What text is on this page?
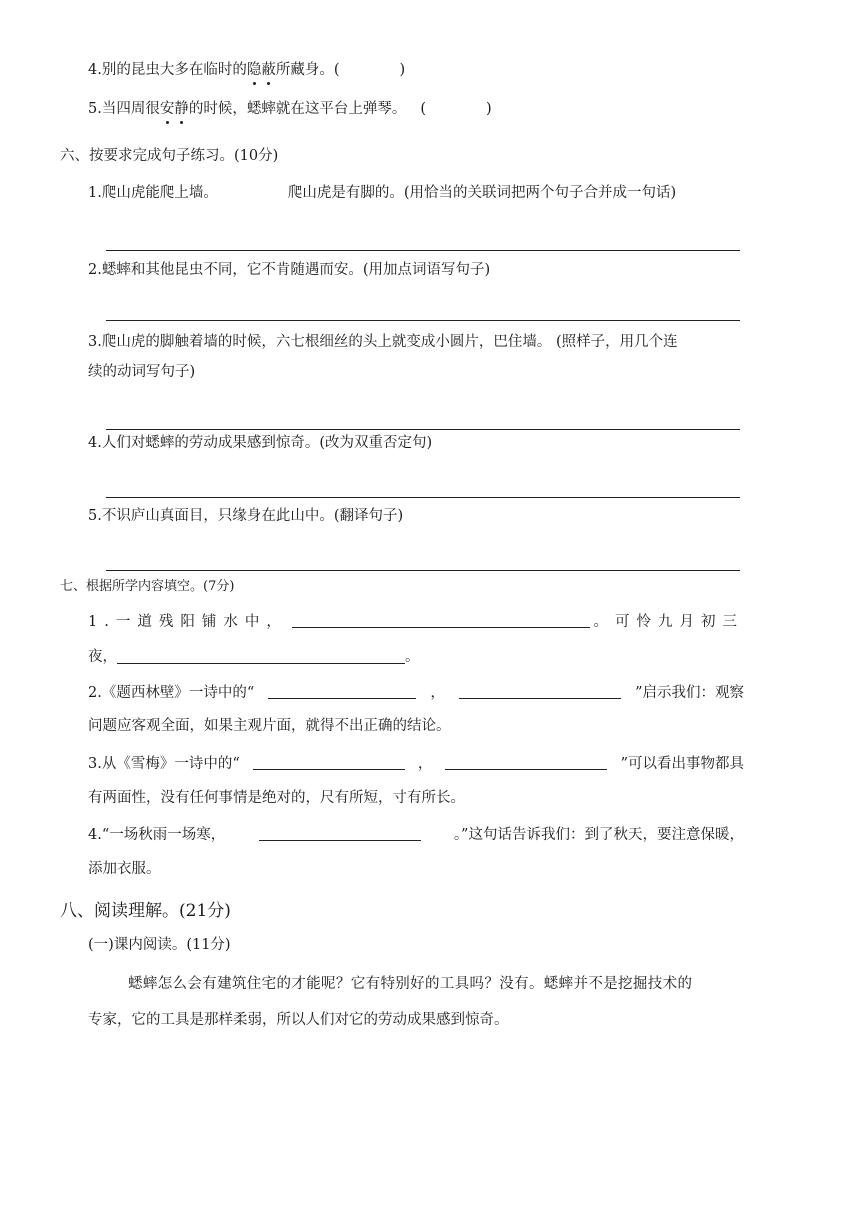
4.别的昆虫大多在临时的隐蔽所藏身。(	)
5.当四周很安静的时候，蟋蟀就在这平台上弹琴。 (	)
六、按要求完成句子练习。(10分)
1.爬山虎能爬上墙。	爬山虎是有脚的。(用恰当的关联词把两个句子合并成一句话)
2.蟋蟀和其他昆虫不同，它不肯随遇而安。(用加点词语写句子)
3.爬山虎的脚触着墙的时候，六七根细丝的头上就变成小圆片，巴住墙。 (照样子，用几个连
续的动词写句子)
4.人们对蟋蟀的劳动成果感到惊奇。(改为双重否定句)
5.不识庐山真面目，只缘身在此山中。(翻译句子)
七、根据所学内容填空。(7分)
1.一道残阳铺水中，	。可怜九月初三
夜，	。
2.《题西林壁》一诗中的“	，	”启示我们：观察
问题应客观全面，如果主观片面，就得不出正确的结论。
3.从《雪梅》一诗中的“	，	”可以看出事物都具
有两面性，没有任何事情是绝对的，尺有所短，寸有所长。
4.“一场秋雨一场寒，	。”这句话告诉我们：到了秋天，要注意保暖，
添加衣服。
八、阅读理解。(21分)
(一)课内阅读。(11分)
蟋蟀怎么会有建筑住宅的才能呢？它有特别好的工具吗？没有。蟋蟀并不是挖掘技术的
专家，它的工具是那样柔弱，所以人们对它的劳动成果感到惊奇。
